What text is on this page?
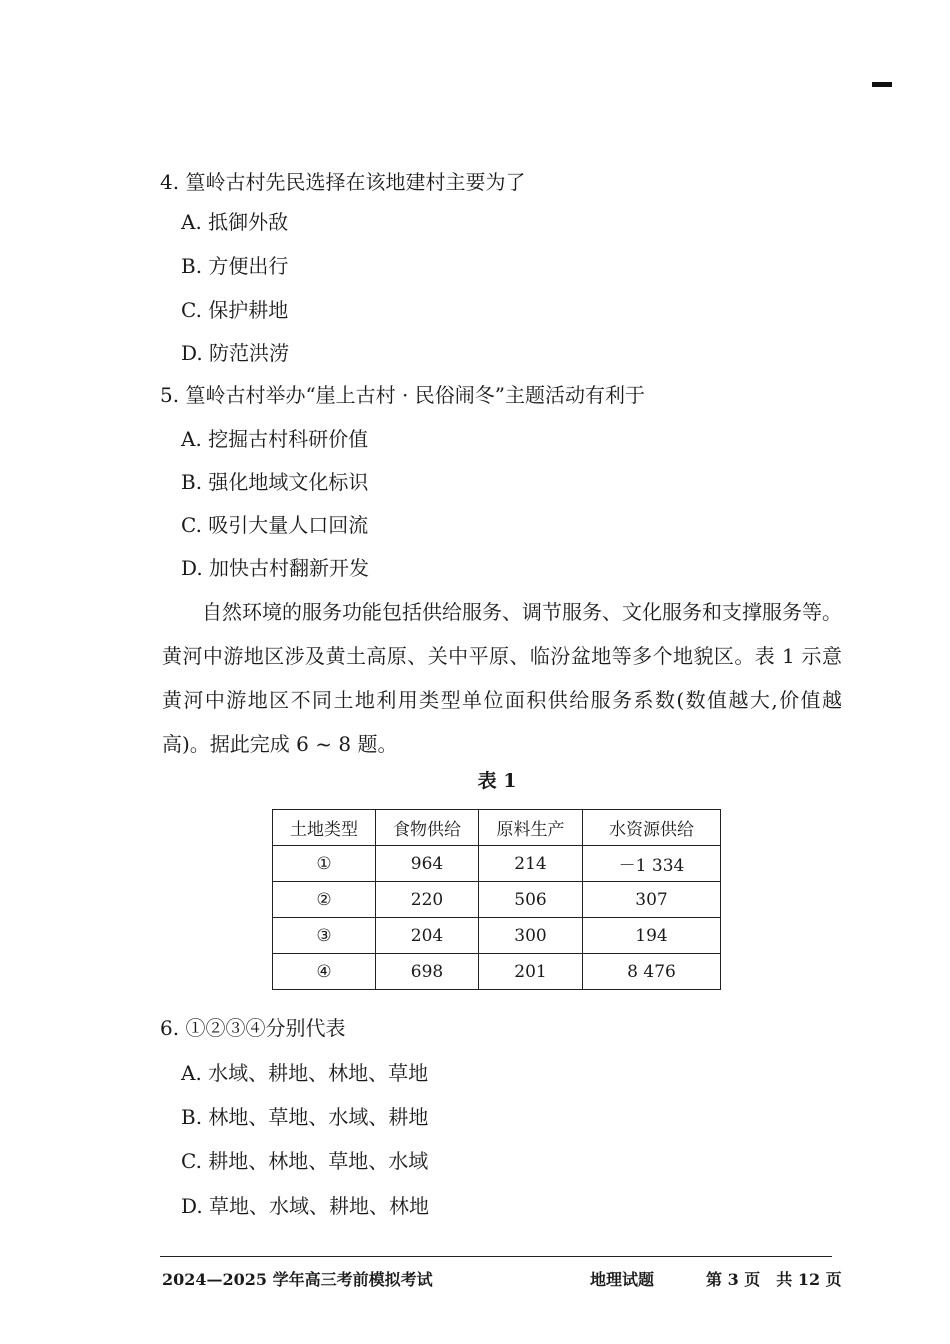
4. 篁岭古村先民选择在该地建村主要为了
A. 抵御外敌
B. 方便出行
C. 保护耕地
D. 防范洪涝
5. 篁岭古村举办“崖上古村 · 民俗闹冬”主题活动有利于
A. 挖掘古村科研价值
B. 强化地域文化标识
C. 吸引大量人口回流
D. 加快古村翻新开发

自然环境的服务功能包括供给服务、调节服务、文化服务和支撑服务等。黄河中游地区涉及黄土高原、关中平原、临汾盆地等多个地貌区。表 1 示意黄河中游地区不同土地利用类型单位面积供给服务系数(数值越大,价值越高)。据此完成 6 ~ 8 题。

表 1
土地类型	食物供给	原料生产	水资源供给
①	964	214	－1 334
②	220	506	307
③	204	300	194
④	698	201	8 476
6. ①②③④分别代表
A. 水域、耕地、林地、草地
B. 林地、草地、水域、耕地
C. 耕地、林地、草地、水域
D. 草地、水域、耕地、林地
2024—2025 学年高三考前模拟考试	地理试题	第 3 页　共 12 页
